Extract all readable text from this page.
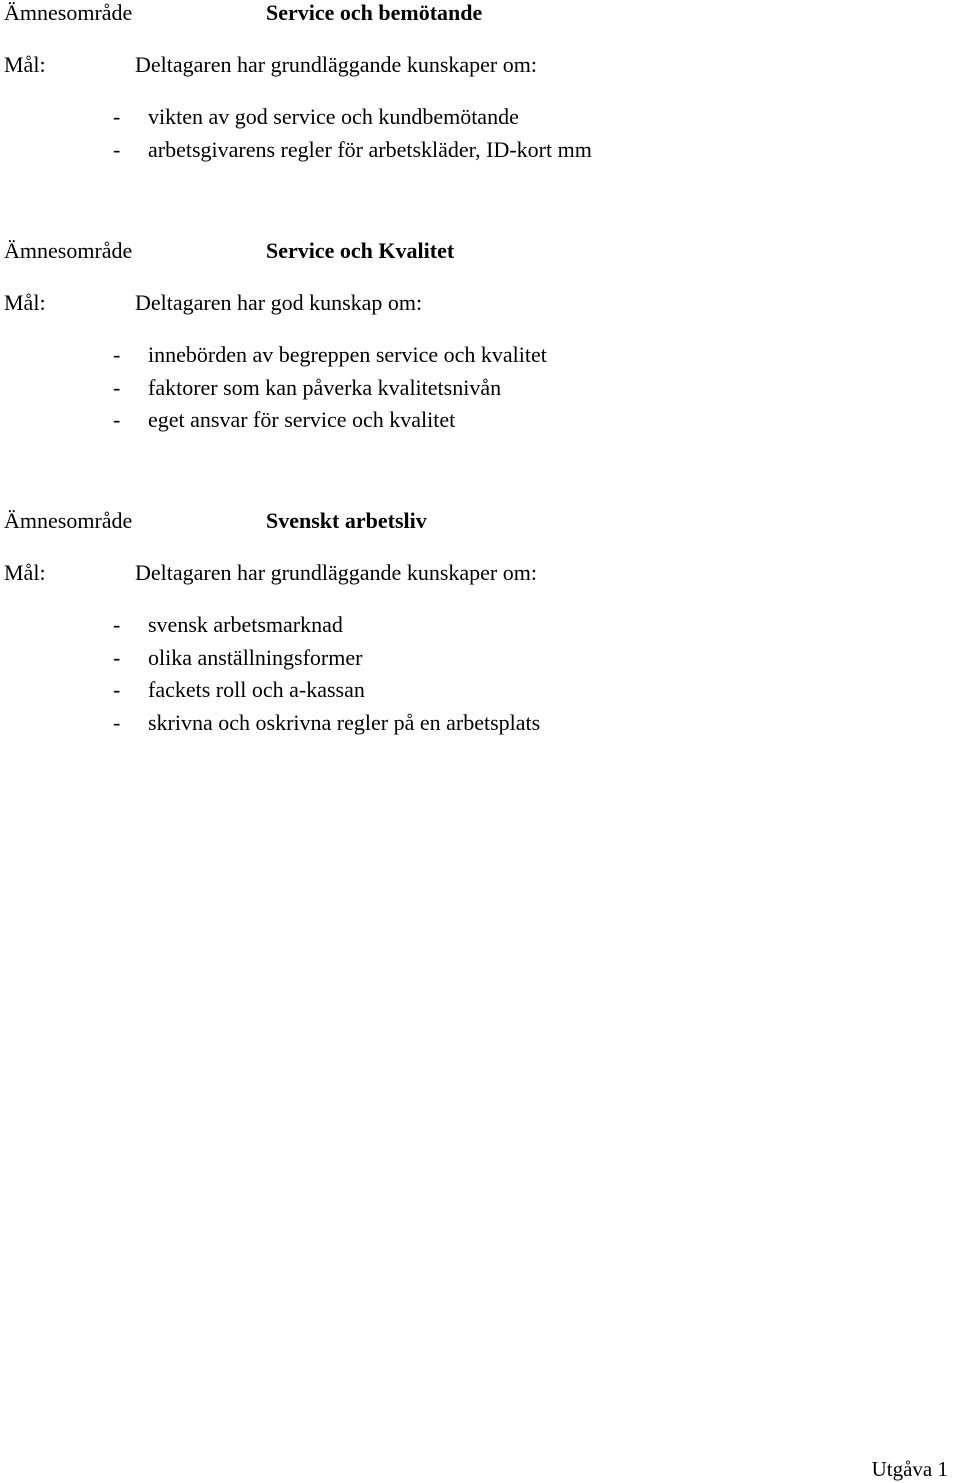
Ämnesområde	Service och bemötande
Mål:	Deltagaren har grundläggande kunskaper om:
- vikten av god service och kundbemötande
- arbetsgivarens regler för arbetskläder, ID-kort mm
Ämnesområde	Service och Kvalitet
Mål:	Deltagaren har god kunskap om:
- innebörden av begreppen service och kvalitet
- faktorer som kan påverka kvalitetsnivån
- eget ansvar för service och kvalitet
Ämnesområde	Svenskt arbetsliv
Mål:	Deltagaren har grundläggande kunskaper om:
- svensk arbetsmarknad
- olika anställningsformer
- fackets roll och a-kassan
- skrivna och oskrivna regler på en arbetsplats
Utgåva 1
